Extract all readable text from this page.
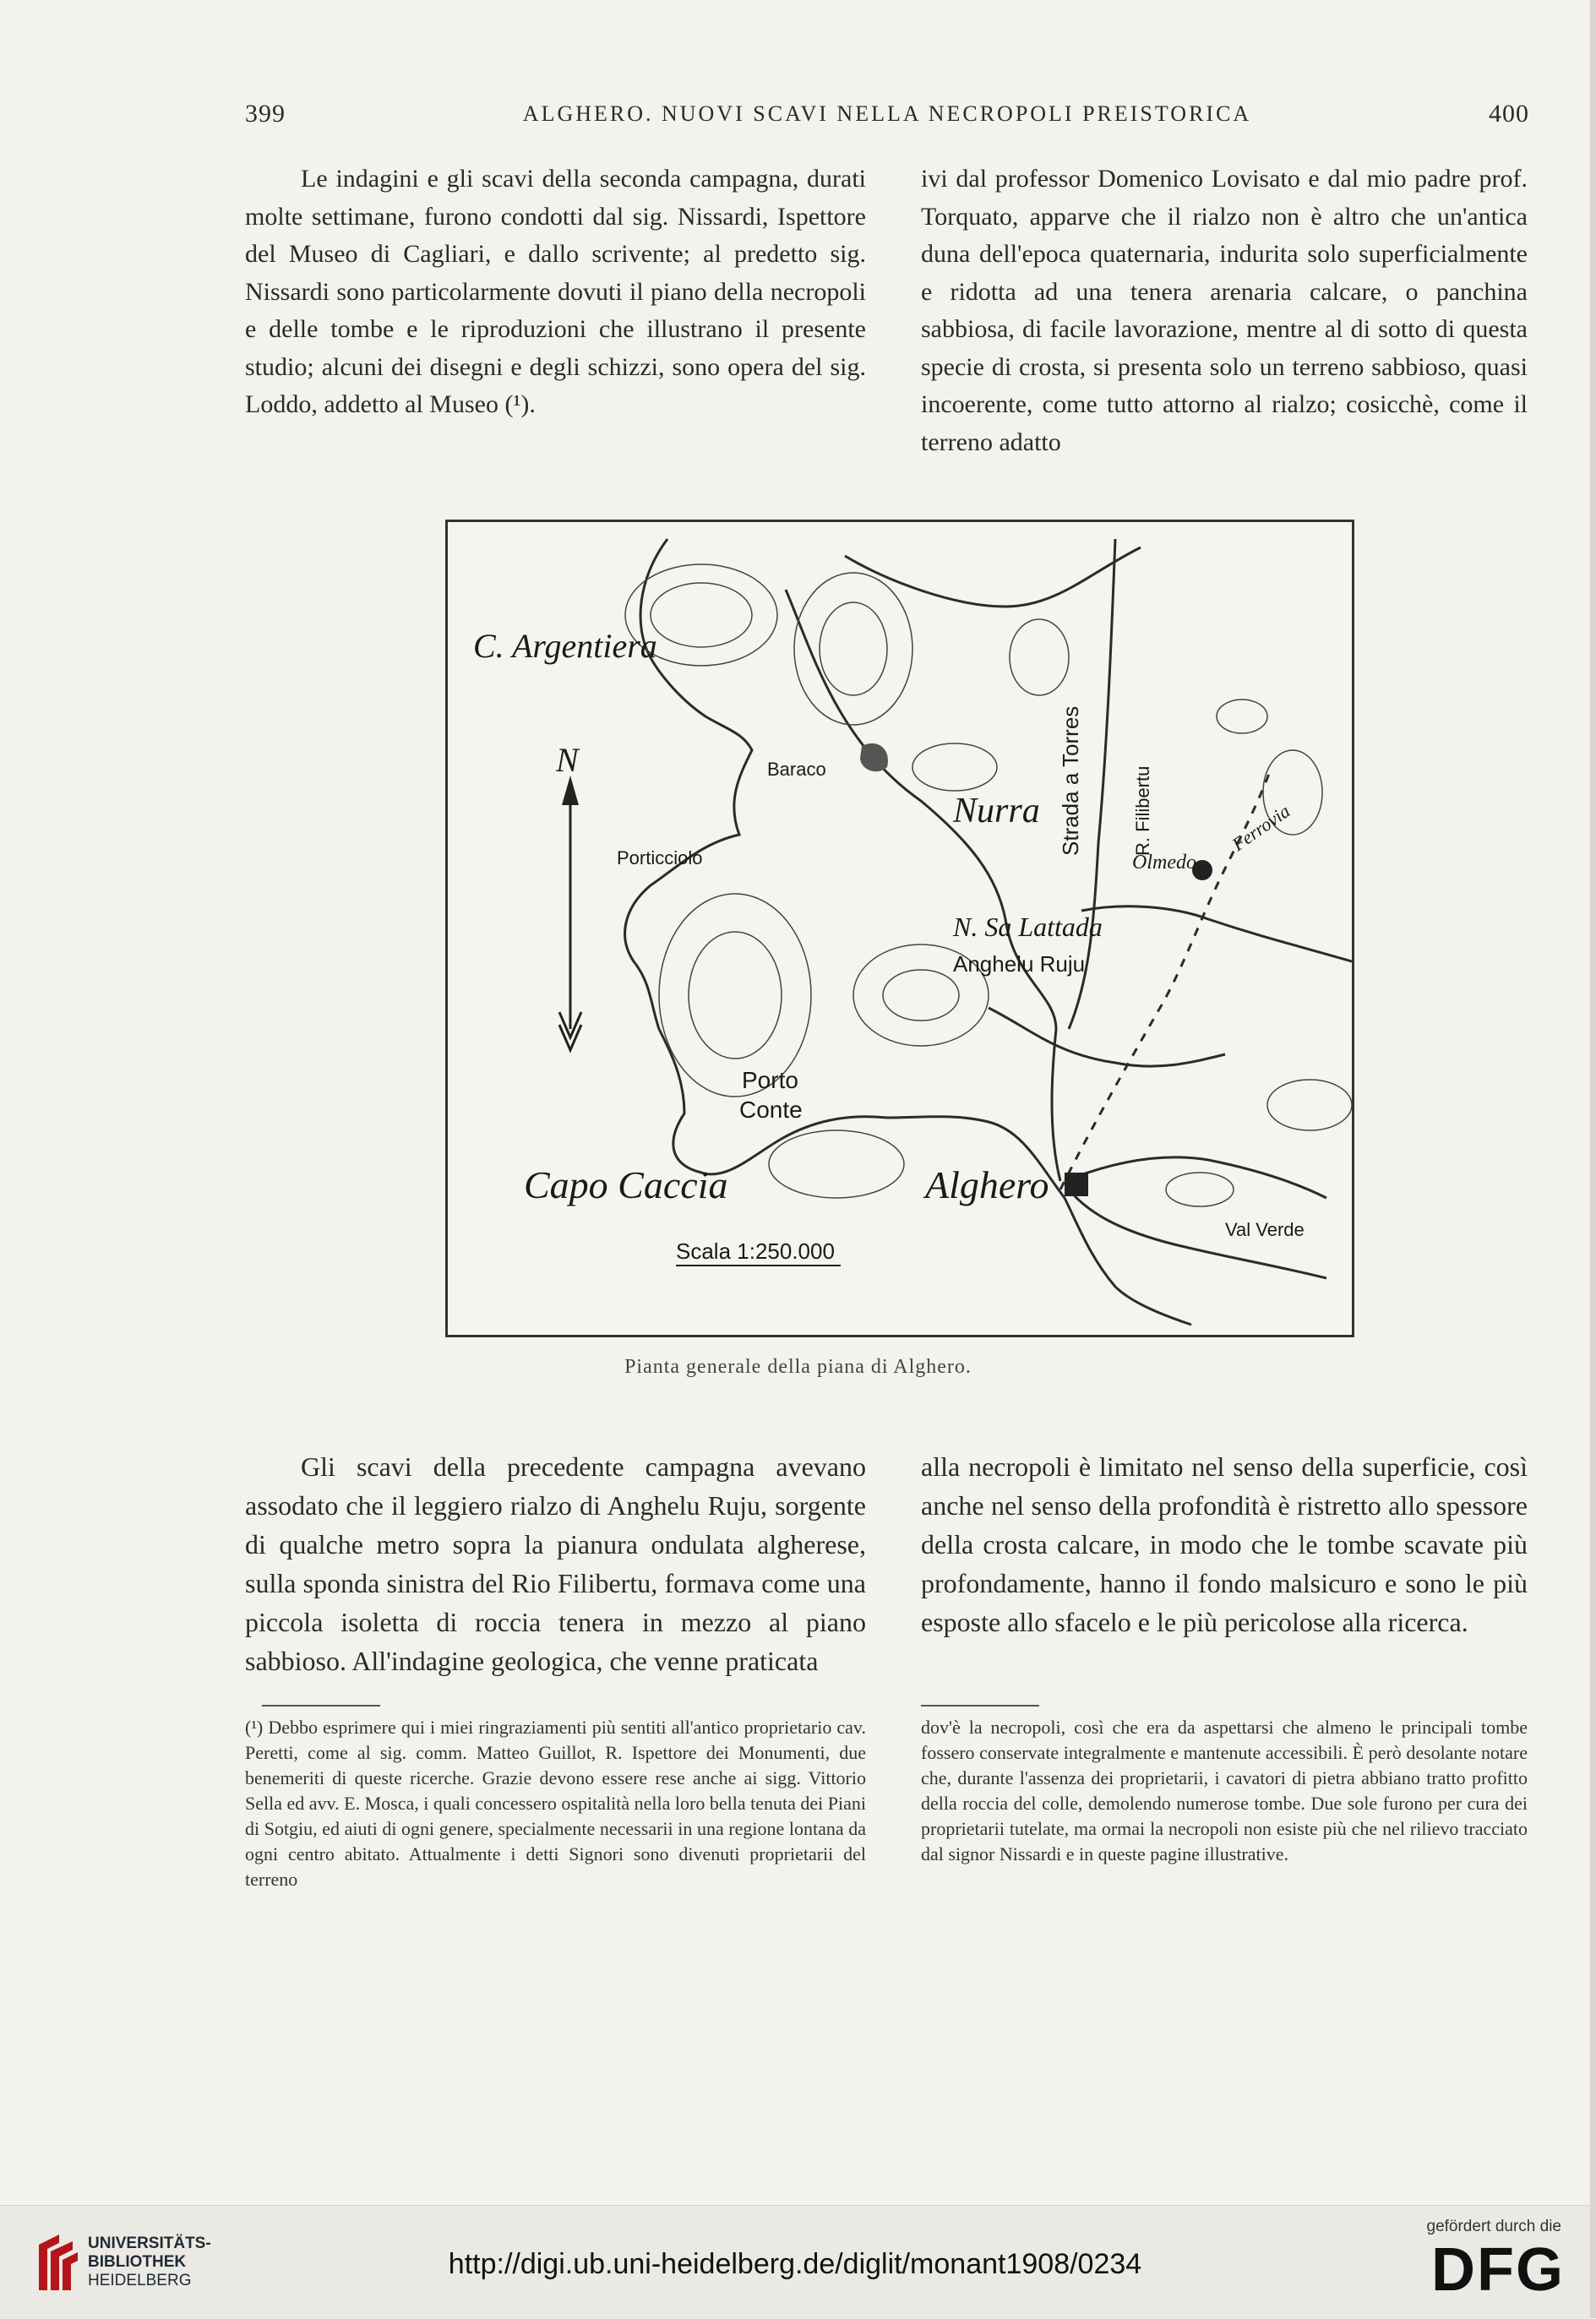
399	ALGHERO. NUOVI SCAVI NELLA NECROPOLI PREISTORICA	400

Le indagini e gli scavi della seconda campagna, durati molte settimane, furono condotti dal sig. Nissardi, Ispettore del Museo di Cagliari, e dallo scrivente; al predetto sig. Nissardi sono particolarmente dovuti il piano della necropoli e delle tombe e le riproduzioni che illustrano il presente studio; alcuni dei disegni e degli schizzi, sono opera del sig. Loddo, addetto al Museo (¹).

ivi dal professor Domenico Lovisato e dal mio padre prof. Torquato, apparve che il rialzo non è altro che un'antica duna dell'epoca quaternaria, indurita solo superficialmente e ridotta ad una tenera arenaria calcare, o panchina sabbiosa, di facile lavorazione, mentre al di sotto di questa specie di crosta, si presenta solo un terreno sabbioso, quasi incoerente, come tutto attorno al rialzo; cosicchè, come il terreno adatto

C. Argentiera
Baraco
Porticciolo
N
Nurra Strada a Torres	R. Filibertu
Olmedo
Ferrovia
N. Sa Lattada
Anghelu Ruju
Porto
Conte
Capo Caccia	Alghero
Val Verde
Scala 1:250.000
Pianta generale della piana di Alghero.

Gli scavi della precedente campagna avevano assodato che il leggiero rialzo di Anghelu Ruju, sorgente di qualche metro sopra la pianura ondulata algherese, sulla sponda sinistra del Rio Filibertu, formava come una piccola isoletta di roccia tenera in mezzo al piano sabbioso. All'indagine geologica, che venne praticata

alla necropoli è limitato nel senso della superficie, così anche nel senso della profondità è ristretto allo spessore della crosta calcare, in modo che le tombe scavate più profondamente, hanno il fondo malsicuro e sono le più esposte allo sfacelo e le più pericolose alla ricerca.

(¹) Debbo esprimere qui i miei ringraziamenti più sentiti all'antico proprietario cav. Peretti, come al sig. comm. Matteo Guillot, R. Ispettore dei Monumenti, due benemeriti di queste ricerche. Grazie devono essere rese anche ai sigg. Vittorio Sella ed avv. E. Mosca, i quali concessero ospitalità nella loro bella tenuta dei Piani di Sotgiu, ed aiuti di ogni genere, specialmente necessarii in una regione lontana da ogni centro abitato. Attualmente i detti Signori sono divenuti proprietarii del terreno
dov'è la necropoli, così che era da aspettarsi che almeno le principali tombe fossero conservate integralmente e mantenute accessibili. È però desolante notare che, durante l'assenza dei proprietarii, i cavatori di pietra abbiano tratto profitto della roccia del colle, demolendo numerose tombe. Due sole furono per cura dei proprietarii tutelate, ma ormai la necropoli non esiste più che nel rilievo tracciato dal signor Nissardi e in queste pagine illustrative.
UNIVERSITÄTS-
BIBLIOTHEK
HEIDELBERG
http://digi.ub.uni-heidelberg.de/diglit/monant1908/0234
gefördert durch die
DFG
